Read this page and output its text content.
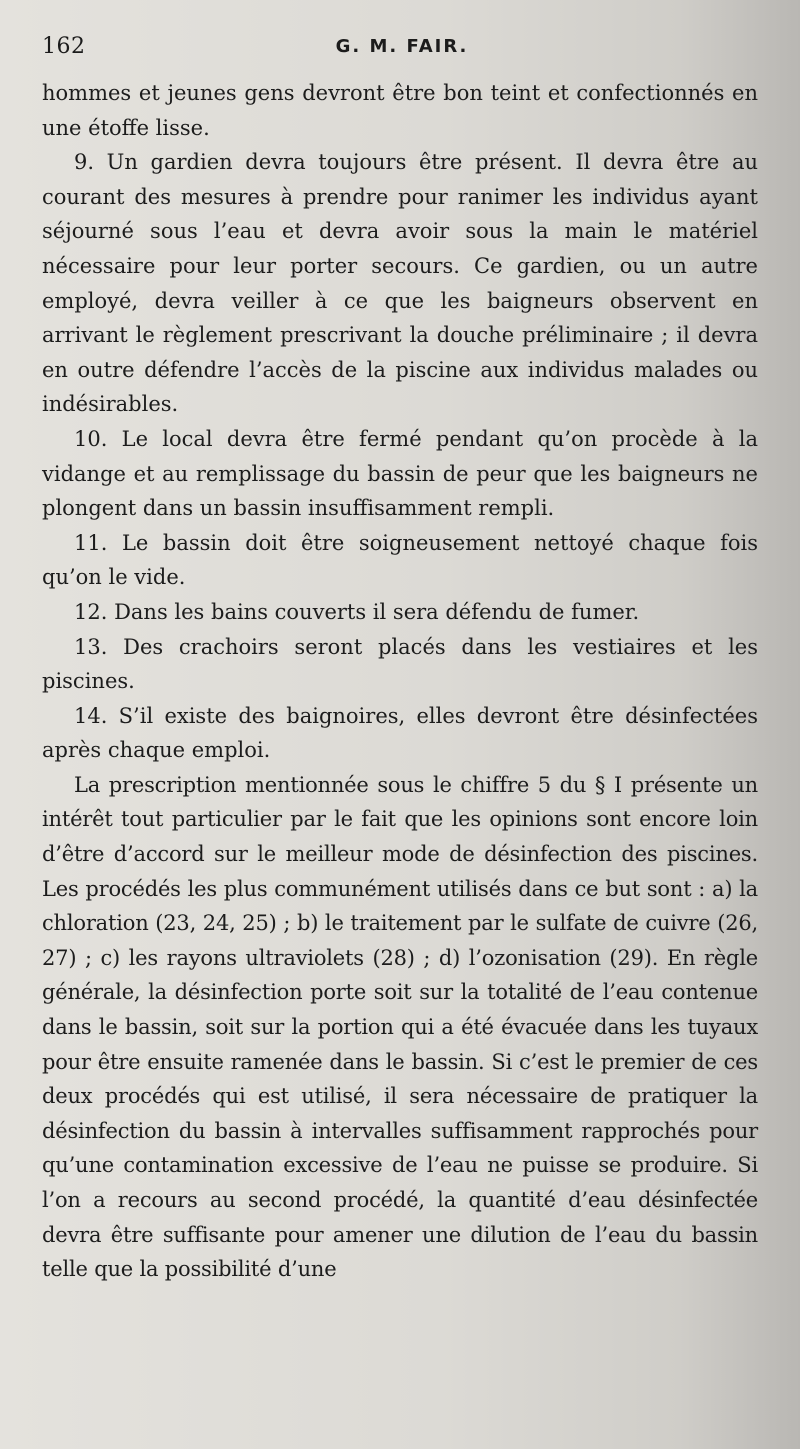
162	G. M. FAIR.

hommes et jeunes gens devront être bon teint et confectionnés en une étoffe lisse.

9. Un gardien devra toujours être présent. Il devra être au courant des mesures à prendre pour ranimer les individus ayant séjourné sous l’eau et devra avoir sous la main le matériel nécessaire pour leur porter secours. Ce gardien, ou un autre employé, devra veiller à ce que les baigneurs observent en arrivant le règlement prescrivant la douche préliminaire ; il devra en outre défendre l’accès de la piscine aux individus malades ou indésirables.

10. Le local devra être fermé pendant qu’on procède à la vidange et au remplissage du bassin de peur que les baigneurs ne plongent dans un bassin insuffisamment rempli.

11. Le bassin doit être soigneusement nettoyé chaque fois qu’on le vide.

12. Dans les bains couverts il sera défendu de fumer.

13. Des crachoirs seront placés dans les vestiaires et les piscines.

14. S’il existe des baignoires, elles devront être désinfectées après chaque emploi.

La prescription mentionnée sous le chiffre 5 du § I présente un intérêt tout particulier par le fait que les opinions sont encore loin d’être d’accord sur le meilleur mode de désinfection des piscines. Les procédés les plus communément utilisés dans ce but sont : a) la chloration (23, 24, 25) ; b) le traitement par le sulfate de cuivre (26, 27) ; c) les rayons ultraviolets (28) ; d) l’ozonisation (29). En règle générale, la désinfection porte soit sur la totalité de l’eau contenue dans le bassin, soit sur la portion qui a été évacuée dans les tuyaux pour être ensuite ramenée dans le bassin. Si c’est le premier de ces deux procédés qui est utilisé, il sera nécessaire de pratiquer la désinfection du bassin à intervalles suffisamment rapprochés pour qu’une contamination excessive de l’eau ne puisse se produire. Si l’on a recours au second procédé, la quantité d’eau désinfectée devra être suffisante pour amener une dilution de l’eau du bassin telle que la possibilité d’une
